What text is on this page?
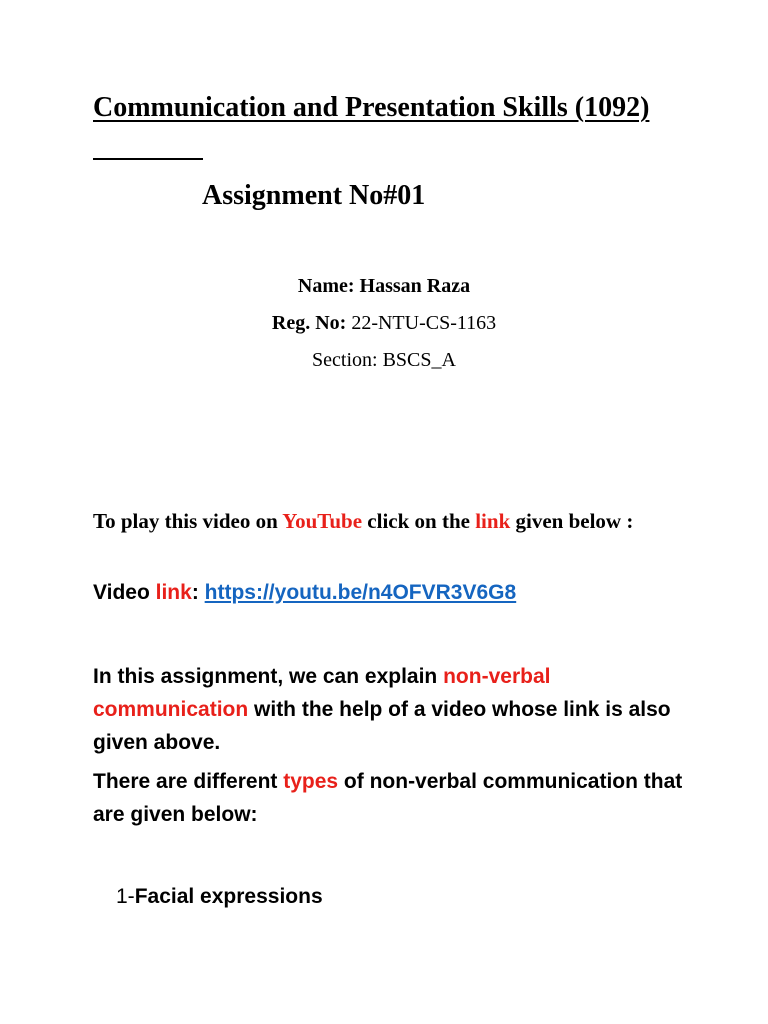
Communication and Presentation Skills (1092)
Assignment No#01
Name: Hassan Raza
Reg. No: 22-NTU-CS-1163
Section: BSCS_A
To play this video on YouTube click on the link given below :
Video link: https://youtu.be/n4OFVR3V6G8
In this assignment, we can explain non-verbal communication with the help of a video whose link is also given above.
There are different types of non-verbal communication that are given below:
1-Facial expressions
